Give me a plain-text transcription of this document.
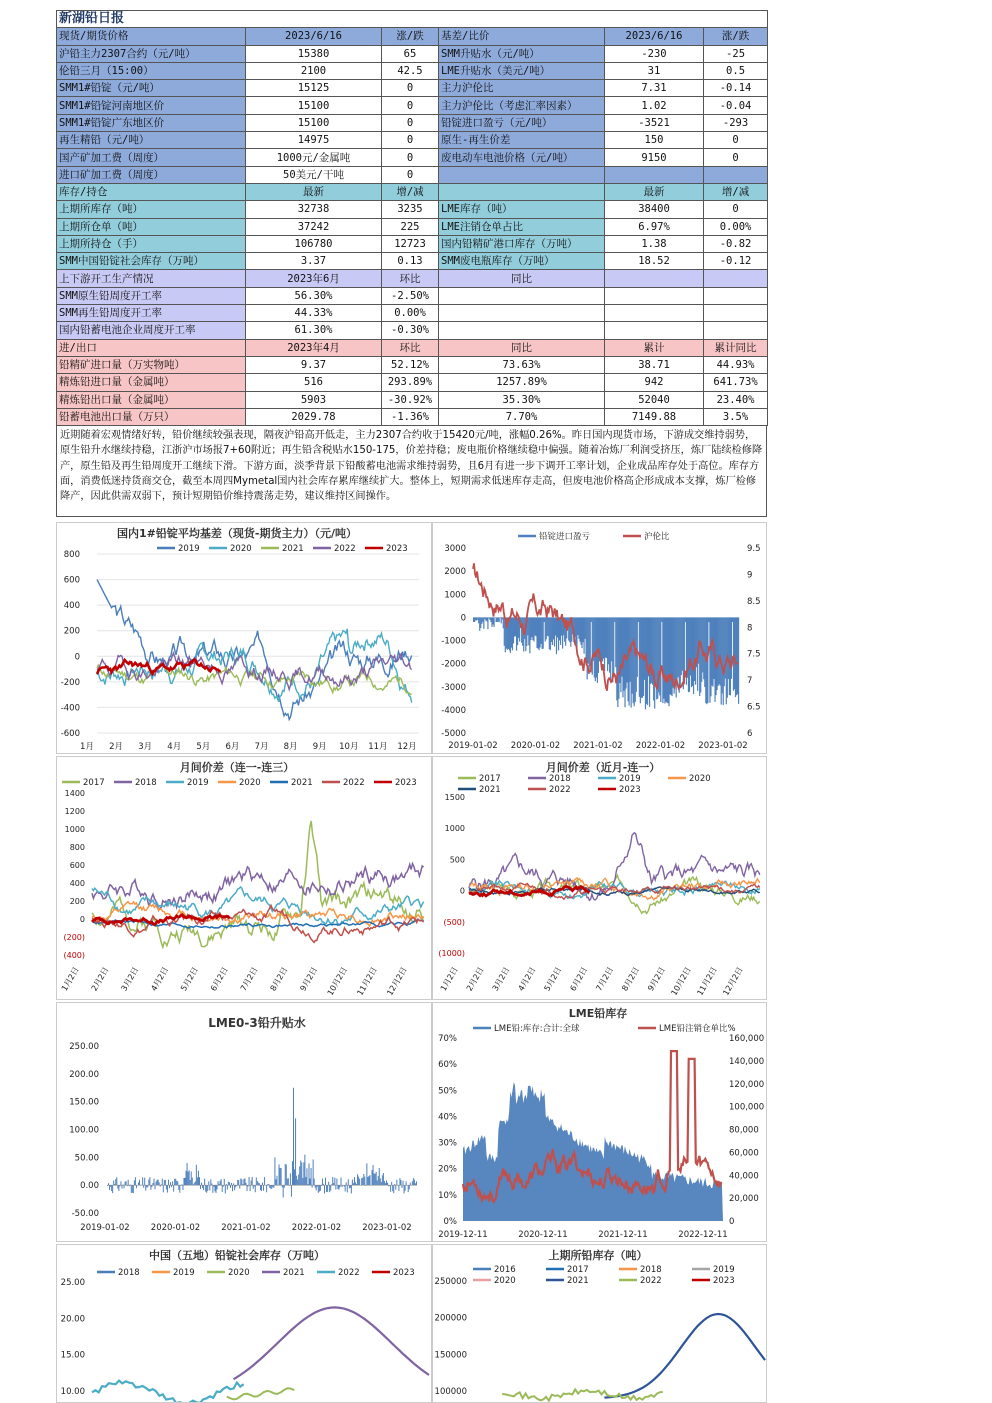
新湖铅日报					
现货/期货价格	2023/6/16	涨/跌	基差/比价	2023/6/16	涨/跌
沪铅主力2307合约（元/吨）	15380	65	SMM升贴水（元/吨）	-230	-25
伦铅三月（15:00）	2100	42.5	LME升贴水（美元/吨）	31	0.5
SMM1#铅锭（元/吨）	15125	0	主力沪伦比	7.31	-0.14
SMM1#铅锭河南地区价	15100	0	主力沪伦比（考虑汇率因素）	1.02	-0.04
SMM1#铅锭广东地区价	15100	0	铅锭进口盈亏（元/吨）	-3521	-293
再生精铅（元/吨）	14975	0	原生-再生价差	150	0
国产矿加工费（周度）	1000元/金属吨	0	废电动车电池价格（元/吨）	9150	0
进口矿加工费（周度）	50美元/干吨	0			
库存/持仓	最新	增/减		最新	增/减
上期所库存（吨）	32738	3235	LME库存（吨）	38400	0
上期所仓单（吨）	37242	225	LME注销仓单占比	6.97%	0.00%
上期所持仓（手）	106780	12723	国内铅精矿港口库存（万吨）	1.38	-0.82
SMM中国铅锭社会库存（万吨）	3.37	0.13	SMM废电瓶库存（万吨）	18.52	-0.12
上下游开工生产情况	2023年6月	环比	同比		
SMM原生铅周度开工率	56.30%	-2.50%			
SMM再生铅周度开工率	44.33%	0.00%			
国内铅蓄电池企业周度开工率	61.30%	-0.30%			
进/出口	2023年4月	环比	同比	累计	累计同比
铅精矿进口量（万实物吨）	9.37	52.12%	73.63%	38.71	44.93%
精炼铅进口量（金属吨）	516	293.89%	1257.89%	942	641.73%
精炼铅出口量（金属吨）	5903	-30.92%	35.30%	52040	23.40%
铅蓄电池出口量（万只）	2029.78	-1.36%	7.70%	7149.88	3.5%
近期随着宏观情绪好转，铅价继续较强表现，隔夜沪铅高开低走，主力2307合约收于15420元/吨，涨幅0.26%。昨日国内现货市场，下游成交维持弱势，原生铅升水继续持稳，江浙沪市场报7+60附近；再生铅含税贴水150-175，价差持稳；废电瓶价格继续稳中偏强。随着冶炼厂利润受挤压，炼厂陆续检修降产，原生铅及再生铅周度开工继续下滑。下游方面，淡季背景下铅酸蓄电池需求维持弱势，且6月有进一步下调开工率计划，企业成品库存处于高位。库存方面，消费低迷持货商交仓，截至本周四Mymetal国内社会库存累库继续扩大。整体上，短期需求低迷库存走高，但废电池价格高企形成成本支撑，炼厂检修降产，因此供需双弱下，预计短期铅价维持震荡走势，建议维持区间操作。
国内1#铅锭平均基差（现货-期货主力）（元/吨）
2019	2020	2021	2022	2023
800
600
400
200
0
-200
-400
-600
1月 2月 3月 4月 5月 6月 7月 8月 9月 10月 11月 12月
铅锭进口盈亏	沪伦比
3000
2000
1000
0
-1000
-2000
-3000
-4000
-5000
9.5
9
8.5
8
7.5
7
6.5
6
2019-01-02 2020-01-02 2021-01-02 2022-01-02 2023-01-02
月间价差（连一-连三）
2017	2018	2019	2020	2021	2022	2023
1400
1200
1000
800
600
400
200
0
(200)
(400)
1月2日 2月2日 3月2日 4月2日 5月2日 6月2日 7月2日 8月2日 9月2日 10月2日 11月2日 12月2日
月间价差（近月-连一）
2017	2018	2019	2020
2021	2022	2023
1500
1000
500
0
(500)
(1000)
1月2日 2月2日 3月2日 4月2日 5月2日 6月2日 7月2日 8月2日 9月2日 10月2日 11月2日 12月2日
LME0-3铅升贴水
250.00
200.00
150.00
100.00
50.00
0.00
-50.00
2019-01-02 2020-01-02 2021-01-02 2022-01-02 2023-01-02
LME铅库存
LME铅:库存:合计:全球	LME铅注销仓单比%
70%
60%
50%
40%
30%
20%
10%
0%
160,000
140,000
120,000
100,000
80,000
60,000
40,000
20,000
0
2019-12-11	2020-12-11	2021-12-11	2022-12-11
中国（五地）铅锭社会库存（万吨）
2018	2019	2020	2021	2022	2023
25.00
20.00
15.00
10.00
上期所铅库存（吨）
2016	2017	2018	2019
2020	2021	2022	2023
250000
200000
150000
100000
